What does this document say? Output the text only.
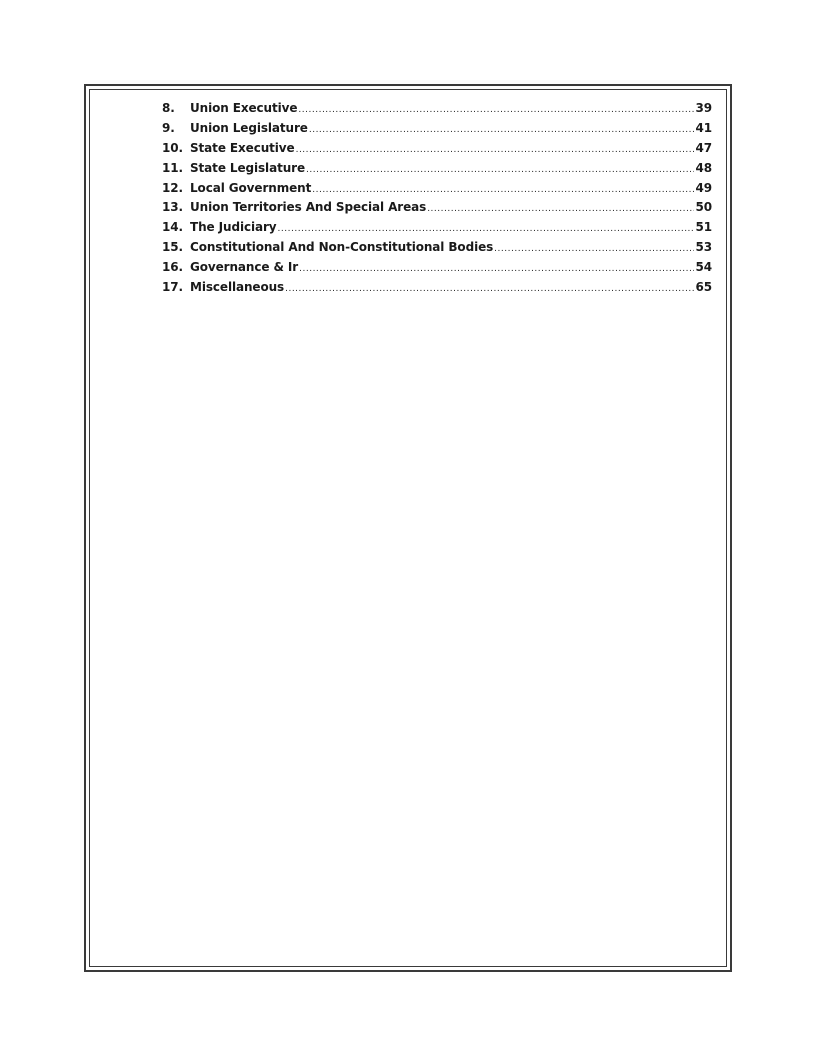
8.	Union Executive .....	39
9.	Union Legislature .....	41
10. State Executive .....	47
11. State Legislature .....	48
12. Local Government .....	49
13. Union Territories And Special Areas .....	50
14. The Judiciary .....	51
15. Constitutional And Non-Constitutional Bodies .....	53
16. Governance & Ir .....	54
17. Miscellaneous .....	65
